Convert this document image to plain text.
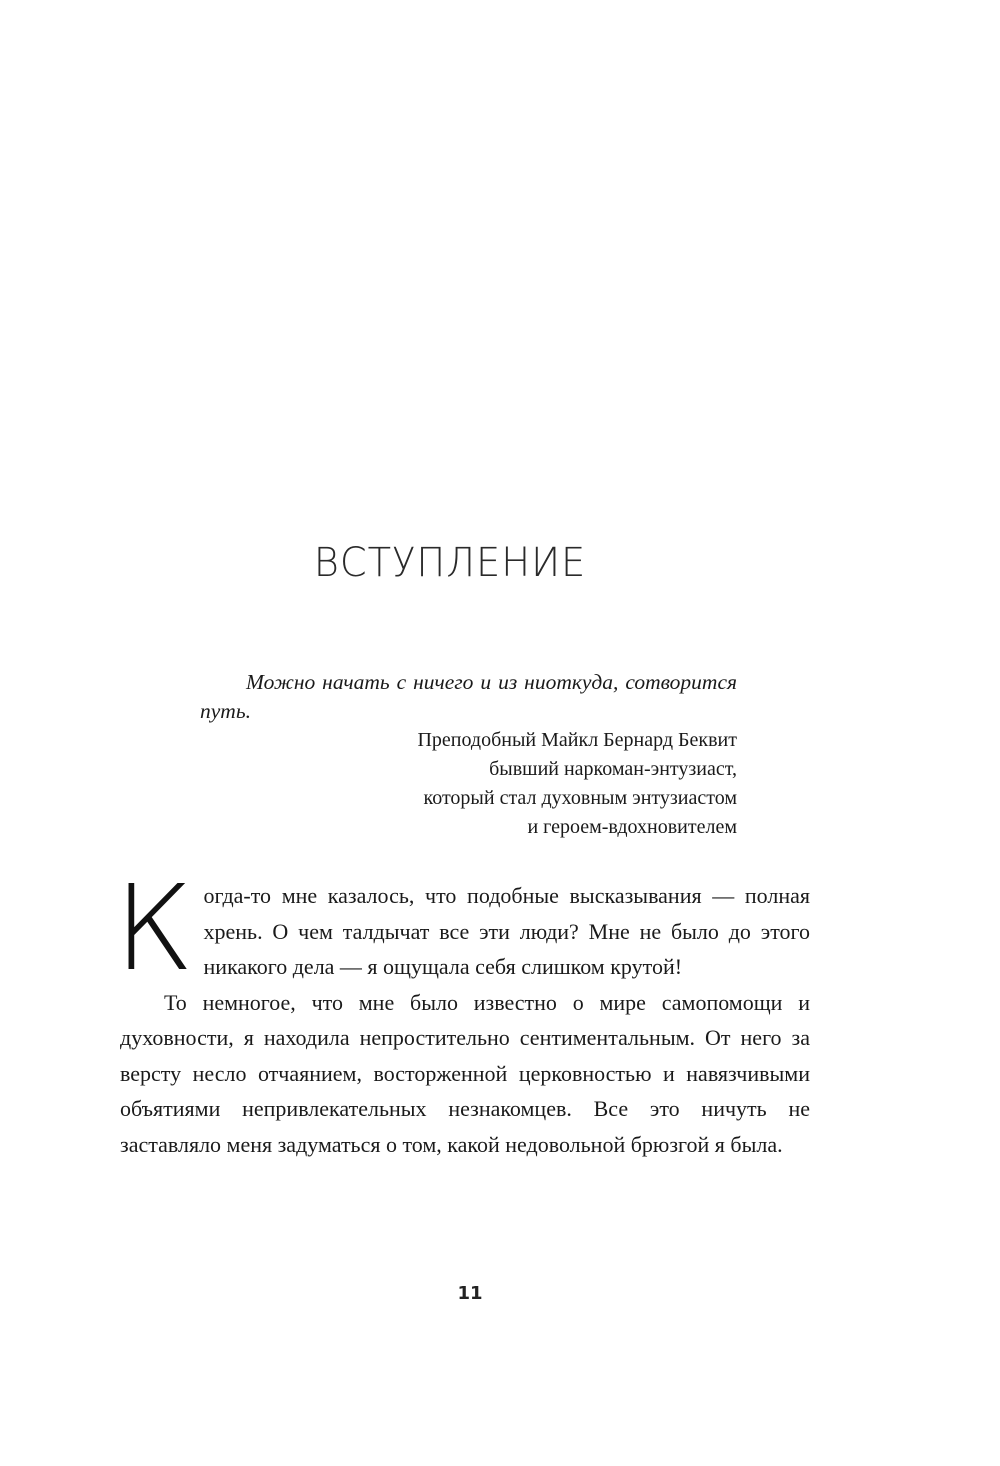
ВСТУПЛЕНИЕ

Можно начать с ничего и из ниоткуда, сотворится путь.

Преподобный Майкл Бернард Беквит

бывший наркоман-энтузиаст,

который стал духовным энтузиастом

и героем-вдохновителем

К огда-то мне казалось, что подобные высказывания — полная хрень. О чем талдычат все эти люди? Мне не было до этого никакого дела — я ощущала себя слишком крутой!

То немногое, что мне было известно о мире самопомощи и духовности, я находила непростительно сентиментальным. От него за версту несло отчаянием, восторженной церковностью и навязчивыми объятиями непривлекательных незнакомцев. Все это ничуть не заставляло меня задуматься о том, какой недовольной брюзгой я была.

11
